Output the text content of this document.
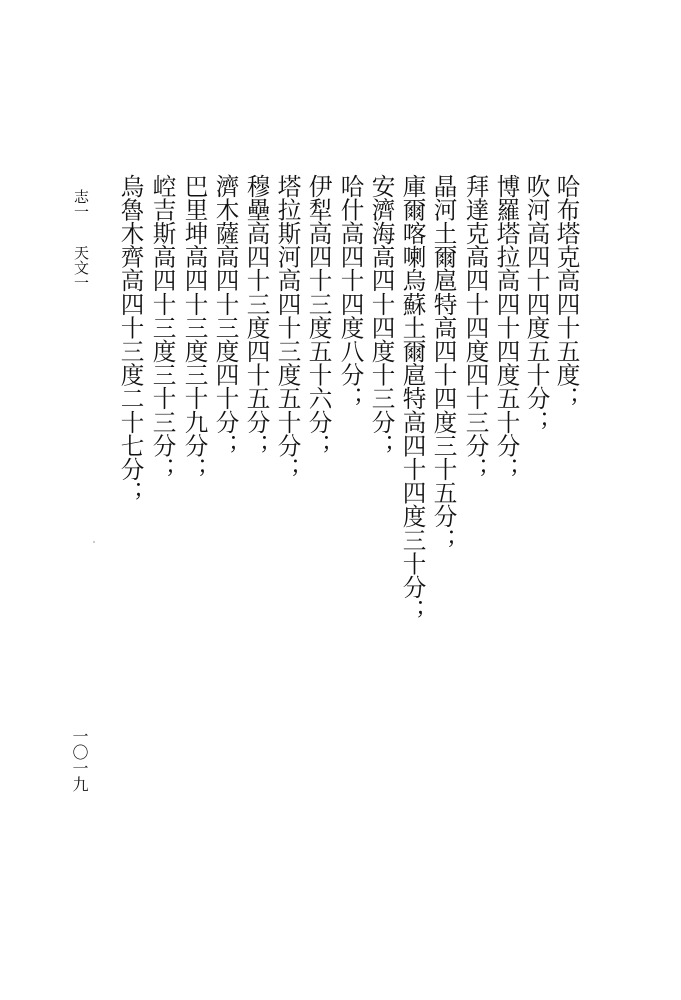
哈布塔克高四十五度；
吹河高四十四度五十分；
博羅塔拉高四十四度五十分；
拜達克高四十四度四十三分；
晶河土爾扈特高四十四度三十五分；
庫爾喀喇烏蘇土爾扈特高四十四度三十分；
安濟海高四十四度十三分；
哈什高四十四度八分；
伊犁高四十三度五十六分；
塔拉斯河高四十三度五十分；
穆壘高四十三度四十五分；
濟木薩高四十三度四十分；
巴里坤高四十三度三十九分；
崆吉斯高四十三度三十三分；
烏魯木齊高四十三度二十七分；
志一
天文一
一〇一九
